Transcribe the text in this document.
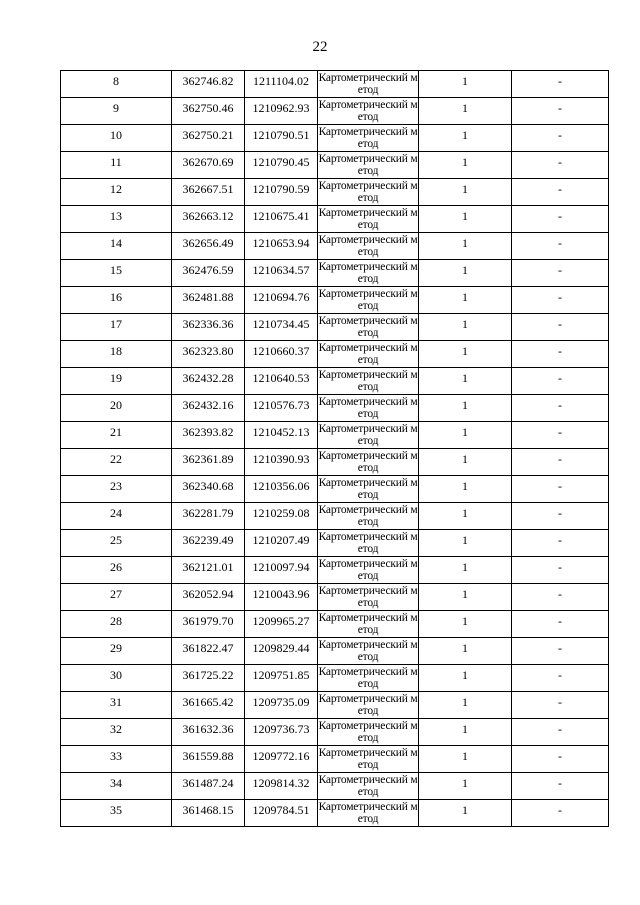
22
8	362746.82	1211104.02	Картометрический метод	1	-
9	362750.46	1210962.93	Картометрический метод	1	-
10	362750.21	1210790.51	Картометрический метод	1	-
11	362670.69	1210790.45	Картометрический метод	1	-
12	362667.51	1210790.59	Картометрический метод	1	-
13	362663.12	1210675.41	Картометрический метод	1	-
14	362656.49	1210653.94	Картометрический метод	1	-
15	362476.59	1210634.57	Картометрический метод	1	-
16	362481.88	1210694.76	Картометрический метод	1	-
17	362336.36	1210734.45	Картометрический метод	1	-
18	362323.80	1210660.37	Картометрический метод	1	-
19	362432.28	1210640.53	Картометрический метод	1	-
20	362432.16	1210576.73	Картометрический метод	1	-
21	362393.82	1210452.13	Картометрический метод	1	-
22	362361.89	1210390.93	Картометрический метод	1	-
23	362340.68	1210356.06	Картометрический метод	1	-
24	362281.79	1210259.08	Картометрический метод	1	-
25	362239.49	1210207.49	Картометрический метод	1	-
26	362121.01	1210097.94	Картометрический метод	1	-
27	362052.94	1210043.96	Картометрический метод	1	-
28	361979.70	1209965.27	Картометрический метод	1	-
29	361822.47	1209829.44	Картометрический метод	1	-
30	361725.22	1209751.85	Картометрический метод	1	-
31	361665.42	1209735.09	Картометрический метод	1	-
32	361632.36	1209736.73	Картометрический метод	1	-
33	361559.88	1209772.16	Картометрический метод	1	-
34	361487.24	1209814.32	Картометрический метод	1	-
35	361468.15	1209784.51	Картометрический метод	1	-
